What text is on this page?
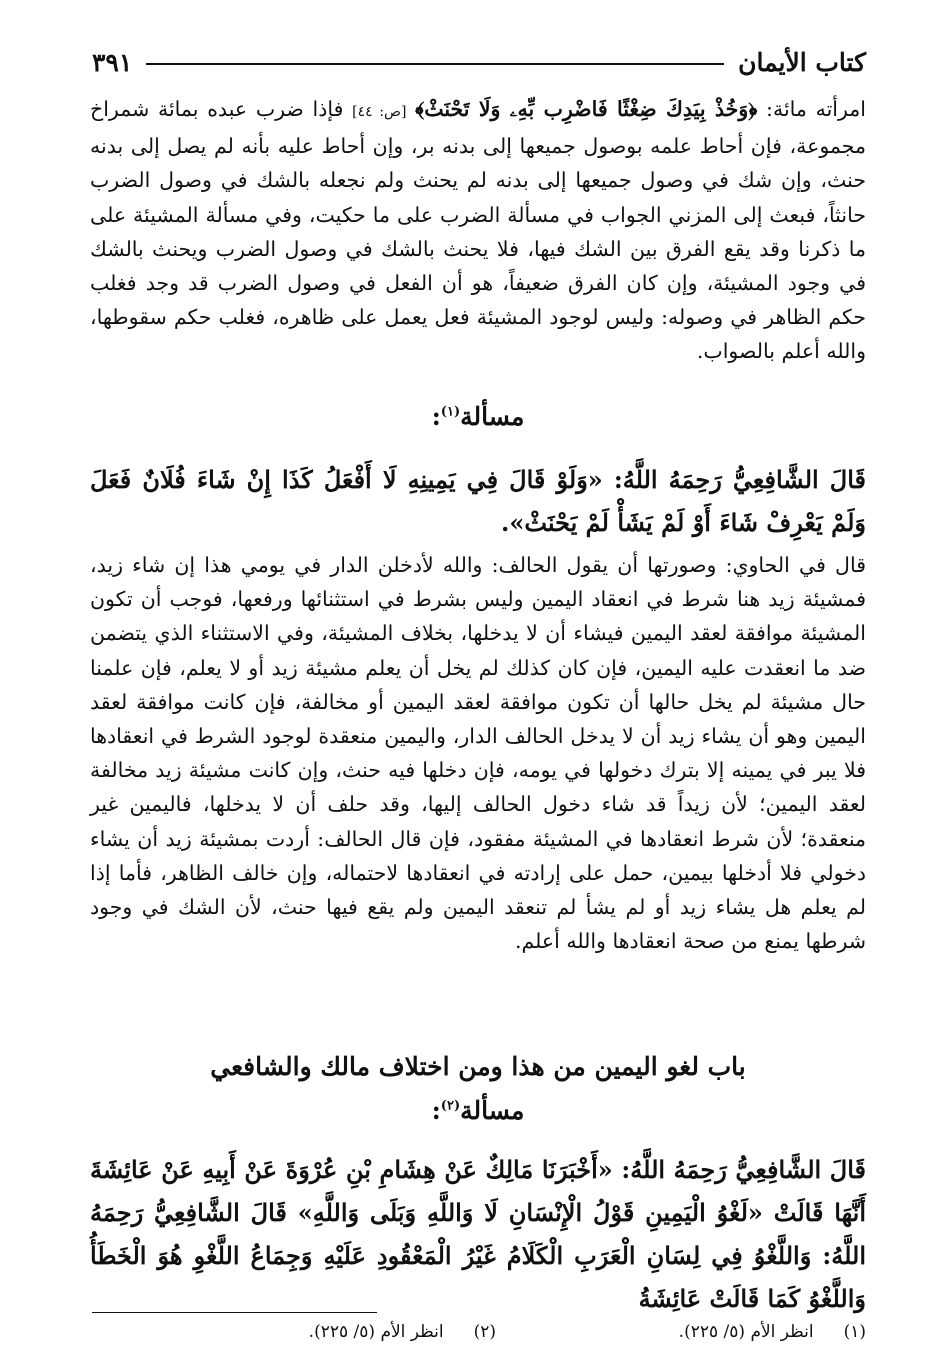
كتاب الأيمان
٣٩١

امرأته مائة: ﴿وَخُذْ بِيَدِكَ ضِغْثًا فَاضْرِب بِّهِۦ وَلَا تَحْنَثْ﴾ [ص: ٤٤] فإذا ضرب عبده بمائة شمراخ مجموعة، فإن أحاط علمه بوصول جميعها إلى بدنه بر، وإن أحاط عليه بأنه لم يصل إلى بدنه حنث، وإن شك في وصول جميعها إلى بدنه لم يحنث ولم نجعله بالشك في وصول الضرب حانثاً، فبعث إلى المزني الجواب في مسألة الضرب على ما حكيت، وفي مسألة المشيئة على ما ذكرنا وقد يقع الفرق بين الشك فيها، فلا يحنث بالشك في وصول الضرب ويحنث بالشك في وجود المشيئة، وإن كان الفرق ضعيفاً، هو أن الفعل في وصول الضرب قد وجد فغلب حكم الظاهر في وصوله: وليس لوجود المشيئة فعل يعمل على ظاهره، فغلب حكم سقوطها، والله أعلم بالصواب.

مسألة$^{(١)}$:

قَالَ الشَّافِعِيُّ رَحِمَهُ اللَّهُ: «وَلَوْ قَالَ فِي يَمِينِهِ لَا أَفْعَلُ كَذَا إِنْ شَاءَ فُلَانٌ فَعَلَ وَلَمْ يَعْرِفْ شَاءَ أَوْ لَمْ يَشَأْ لَمْ يَحْنَثْ».

قال في الحاوي: وصورتها أن يقول الحالف: والله لأدخلن الدار في يومي هذا إن شاء زيد، فمشيئة زيد هنا شرط في انعقاد اليمين وليس بشرط في استثنائها ورفعها، فوجب أن تكون المشيئة موافقة لعقد اليمين فيشاء أن لا يدخلها، بخلاف المشيئة، وفي الاستثناء الذي يتضمن ضد ما انعقدت عليه اليمين، فإن كان كذلك لم يخل أن يعلم مشيئة زيد أو لا يعلم، فإن علمنا حال مشيئة لم يخل حالها أن تكون موافقة لعقد اليمين أو مخالفة، فإن كانت موافقة لعقد اليمين وهو أن يشاء زيد أن لا يدخل الحالف الدار، واليمين منعقدة لوجود الشرط في انعقادها فلا يبر في يمينه إلا بترك دخولها في يومه، فإن دخلها فيه حنث، وإن كانت مشيئة زيد مخالفة لعقد اليمين؛ لأن زيداً قد شاء دخول الحالف إليها، وقد حلف أن لا يدخلها، فاليمين غير منعقدة؛ لأن شرط انعقادها في المشيئة مفقود، فإن قال الحالف: أردت بمشيئة زيد أن يشاء دخولي فلا أدخلها بيمين، حمل على إرادته في انعقادها لاحتماله، وإن خالف الظاهر، فأما إذا لم يعلم هل يشاء زيد أو لم يشأ لم تنعقد اليمين ولم يقع فيها حنث، لأن الشك في وجود شرطها يمنع من صحة انعقادها والله أعلم.

باب لغو اليمين من هذا ومن اختلاف مالك والشافعي
مسألة$^{(٢)}$:

قَالَ الشَّافِعِيُّ رَحِمَهُ اللَّهُ: «أَخْبَرَنَا مَالِكٌ عَنْ هِشَامِ بْنِ عُرْوَةَ عَنْ أَبِيهِ عَنْ عَائِشَةَ أَنَّهَا قَالَتْ «لَغْوُ الْيَمِينِ قَوْلُ الْإِنْسَانِ لَا وَاللَّهِ وَبَلَى وَاللَّهِ» قَالَ الشَّافِعِيُّ رَحِمَهُ اللَّهُ: وَاللَّغْوُ فِي لِسَانِ الْعَرَبِ الْكَلَامُ غَيْرُ الْمَعْقُودِ عَلَيْهِ وَجِمَاعُ اللَّغْوِ هُوَ الْخَطَأُ وَاللَّغْوُ كَمَا قَالَتْ عَائِشَةُ

(١)انظر الأم (٥/ ٢٢٥).
(٢)انظر الأم (٥/ ٢٢٥).
